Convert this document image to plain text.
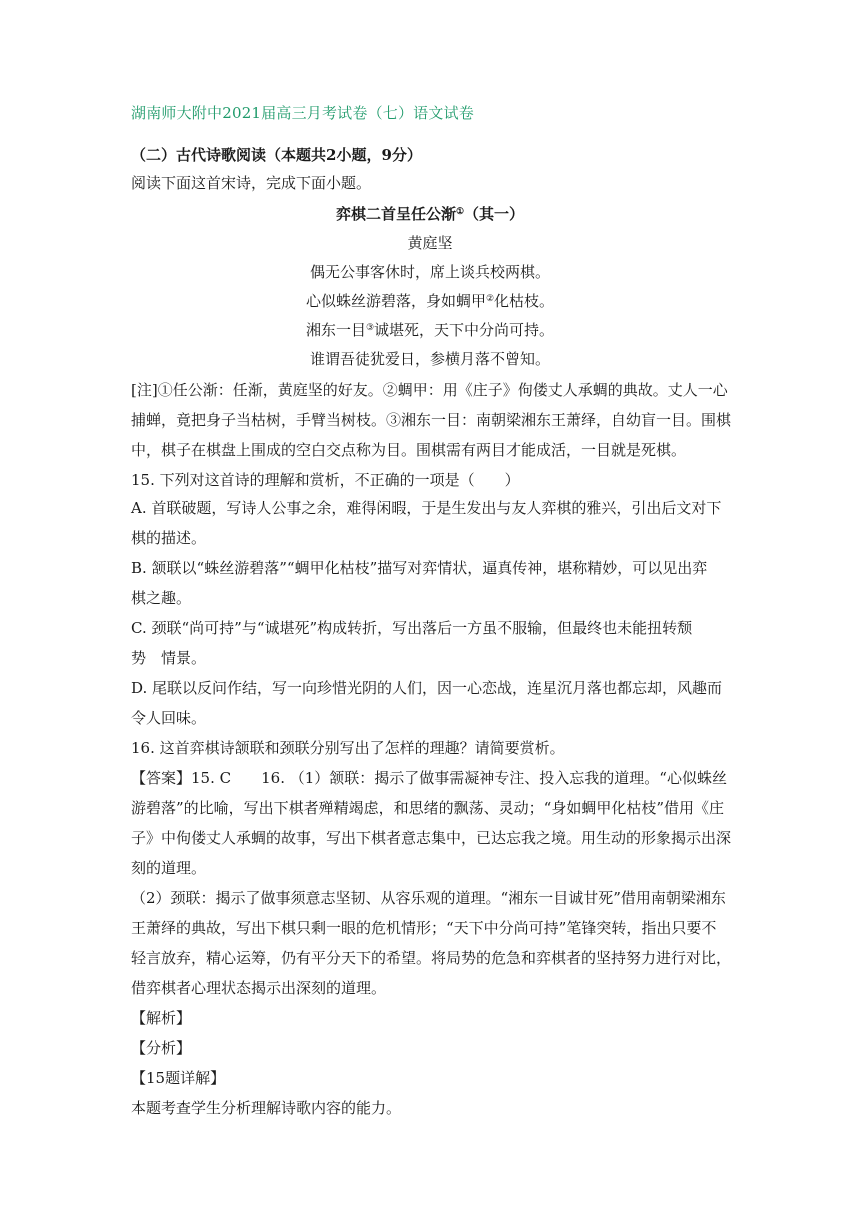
湖南师大附中2021届高三月考试卷（七）语文试卷
（二）古代诗歌阅读（本题共2小题，9分）
阅读下面这首宋诗，完成下面小题。
弈棋二首呈任公渐①（其一）
黄庭坚
偶无公事客休时，席上谈兵校两棋。
心似蛛丝游碧落，身如蜩甲②化枯枝。
湘东一目③诚堪死，天下中分尚可持。
谁谓吾徒犹爱日，参横月落不曾知。
[注]①任公渐：任渐，黄庭坚的好友。②蜩甲：用《庄子》佝偻丈人承蜩的典故。丈人一心
捕蝉，竟把身子当枯树，手臂当树枝。③湘东一目：南朝梁湘东王萧绎，自幼盲一目。围棋
中，棋子在棋盘上围成的空白交点称为目。围棋需有两目才能成活，一目就是死棋。
15. 下列对这首诗的理解和赏析，不正确的一项是（　　）
A. 首联破题，写诗人公事之余，难得闲暇，于是生发出与友人弈棋的雅兴，引出后文对下
棋的描述。
B. 颔联以“蛛丝游碧落”“蜩甲化枯枝”描写对弈情状，逼真传神，堪称精妙，可以见出弈
棋之趣。
C. 颈联“尚可持”与“诚堪死”构成转折，写出落后一方虽不服输，但最终也未能扭转颓
势　情景。
D. 尾联以反问作结，写一向珍惜光阴的人们，因一心恋战，连星沉月落也都忘却，风趣而
令人回味。
16. 这首弈棋诗颔联和颈联分别写出了怎样的理趣？请简要赏析。
【答案】15. C　　16. （1）颔联：揭示了做事需凝神专注、投入忘我的道理。“心似蛛丝
游碧落”的比喻，写出下棋者殚精竭虑，和思绪的飘荡、灵动；“身如蜩甲化枯枝”借用《庄
子》中佝偻丈人承蜩的故事，写出下棋者意志集中，已达忘我之境。用生动的形象揭示出深
刻的道理。
（2）颈联：揭示了做事须意志坚韧、从容乐观的道理。“湘东一目诚甘死”借用南朝梁湘东
王萧绎的典故，写出下棋只剩一眼的危机情形；“天下中分尚可持”笔锋突转，指出只要不
轻言放弃，精心运筹，仍有平分天下的希望。将局势的危急和弈棋者的坚持努力进行对比，
借弈棋者心理状态揭示出深刻的道理。
【解析】
【分析】
【15题详解】
本题考查学生分析理解诗歌内容的能力。
